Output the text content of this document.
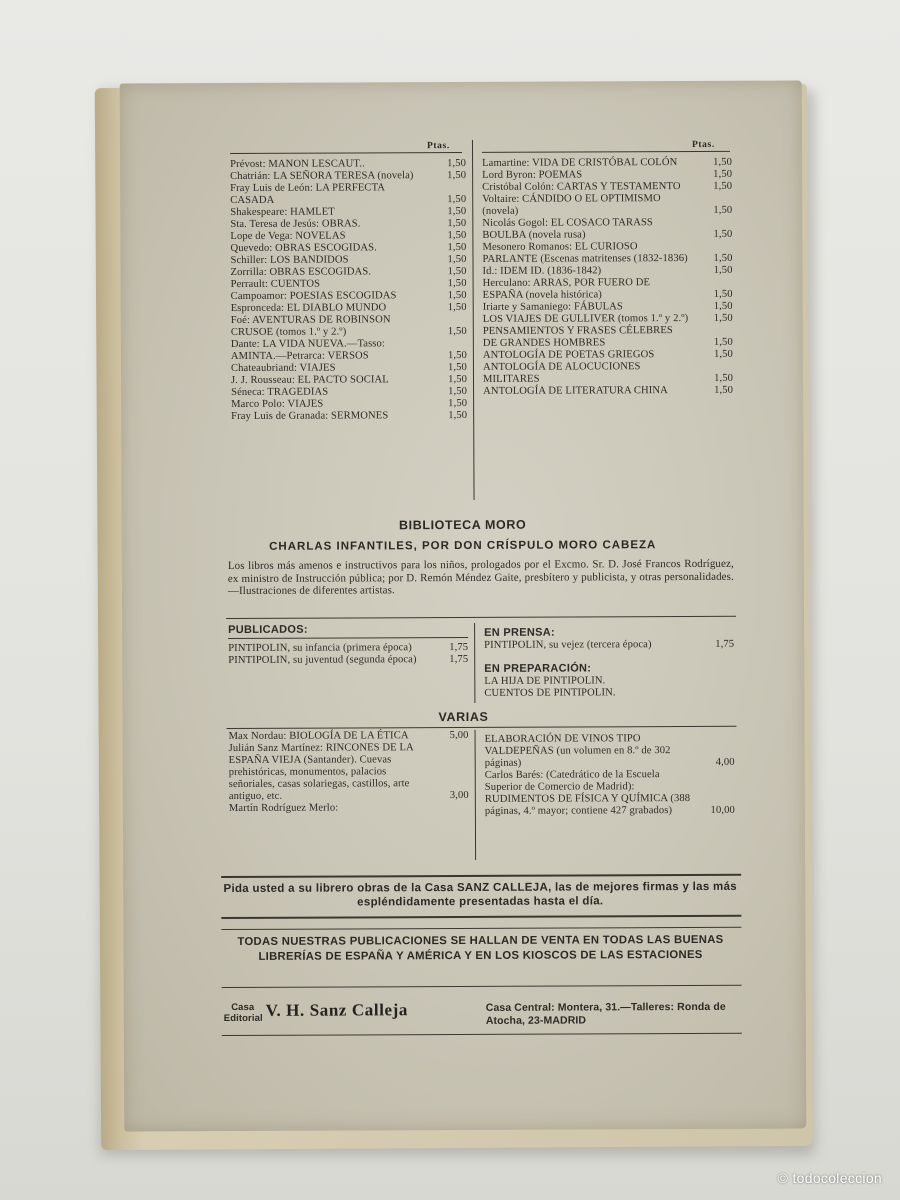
Ptas.	Ptas.
Prévost: MANON LESCAUT..	1,50
Chatrián: LA SEÑORA TERESA (novela)	1,50
Fray Luis de León: LA PERFECTA CASADA	1,50
Shakespeare: HAMLET	1,50
Sta. Teresa de Jesús: OBRAS.	1,50
Lope de Vega: NOVELAS	1,50
Quevedo: OBRAS ESCOGIDAS.	1,50
Schiller: LOS BANDIDOS	1,50
Zorrilla: OBRAS ESCOGIDAS.	1,50
Perrault: CUENTOS	1,50
Campoamor: POESIAS ESCOGIDAS	1,50
Espronceda: EL DIABLO MUNDO	1,50
Foé: AVENTURAS DE ROBINSON CRUSOE (tomos 1.º y 2.º)	1,50
Dante: LA VIDA NUEVA.—Tasso: AMINTA.—Petrarca: VERSOS	1,50
Chateaubriand: VIAJES	1,50
J. J. Rousseau: EL PACTO SOCIAL	1,50
Séneca: TRAGEDIAS	1,50
Marco Polo: VIAJES	1,50
Fray Luis de Granada: SERMONES	1,50
Lamartine: VIDA DE CRISTÓBAL COLÓN	1,50
Lord Byron: POEMAS	1,50
Cristóbal Colón: CARTAS Y TESTAMENTO	1,50
Voltaire: CÁNDIDO O EL OPTIMISMO (novela)	1,50
Nicolás Gogol: EL COSACO TARASS BOULBA (novela rusa)	1,50
Mesonero Romanos: EL CURIOSO PARLANTE (Escenas matritenses (1832-1836)	1,50
Id.: IDEM ID. (1836-1842)	1,50
Herculano: ARRAS, POR FUERO DE ESPAÑA (novela histórica)	1,50
Iriarte y Samaniego: FÁBULAS	1,50
LOS VIAJES DE GULLIVER (tomos 1.º y 2.º)	1,50
PENSAMIENTOS Y FRASES CÉLEBRES DE GRANDES HOMBRES	1,50
ANTOLOGÍA DE POETAS GRIEGOS	1,50
ANTOLOGÍA DE ALOCUCIONES MILITARES	1,50
ANTOLOGÍA DE LITERATURA CHINA	1,50
BIBLIOTECA MORO
CHARLAS INFANTILES, POR DON CRÍSPULO MORO CABEZA
Los libros más amenos e instructivos para los niños, prologados por el Excmo. Sr. D. José Francos Rodríguez, ex ministro de Instrucción pública; por D. Remón Méndez Gaite, presbítero y publicista, y otras personalidades.—Ilustraciones de diferentes artistas.
PUBLICADOS:
PINTIPOLIN, su infancia (primera época)	1,75
PINTIPOLIN, su juventud (segunda época)	1,75
EN PRENSA:
PINTIPOLIN, su vejez (tercera época)	1,75
EN PREPARACIÓN:
LA HIJA DE PINTIPOLIN.
CUENTOS DE PINTIPOLIN.
VARIAS
Max Nordau: BIOLOGÍA DE LA ÉTICA	5,00
Julián Sanz Martínez: RINCONES DE LA ESPAÑA VIEJA (Santander). Cuevas prehistóricas, monumentos, palacios señoriales, casas solariegas, castillos, arte antiguo, etc.	3,00
Martín Rodríguez Merlo:
ELABORACIÓN DE VINOS TIPO VALDEPEÑAS (un volumen en 8.º de 302 páginas)	4,00
Carlos Barés: (Catedrático de la Escuela Superior de Comercio de Madrid): RUDIMENTOS DE FÍSICA Y QUÍMICA (388 páginas, 4.º mayor; contiene 427 grabados)	10,00
Pida usted a su librero obras de la Casa SANZ CALLEJA, las de mejores firmas y las más espléndidamente presentadas hasta el día.
TODAS NUESTRAS PUBLICACIONES SE HALLAN DE VENTA EN TODAS LAS BUENAS LIBRERÍAS DE ESPAÑA Y AMÉRICA Y EN LOS KIOSCOS DE LAS ESTACIONES
Casa Editorial V. H. Sanz Calleja	Casa Central: Montera, 31.—Talleres: Ronda de Atocha, 23-MADRID
© todocoleccion
